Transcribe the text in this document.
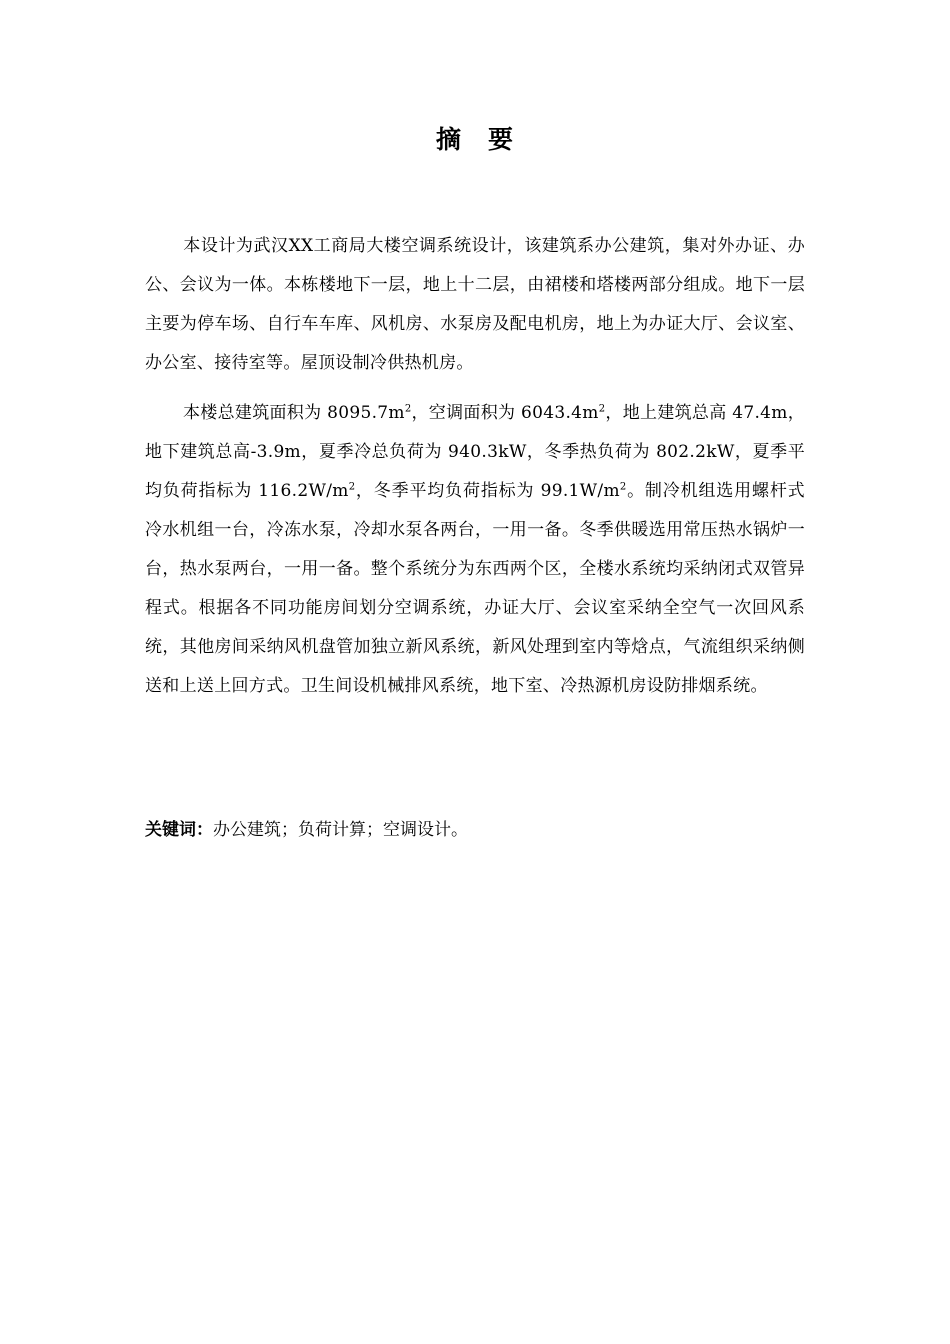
摘 要
本设计为武汉XX工商局大楼空调系统设计，该建筑系办公建筑，集对外办证、办公、会议为一体。本栋楼地下一层，地上十二层，由裙楼和塔楼两部分组成。地下一层主要为停车场、自行车车库、风机房、水泵房及配电机房，地上为办证大厅、会议室、办公室、接待室等。屋顶设制冷供热机房。
本楼总建筑面积为 $8095.7m^2$，空调面积为 $6043.4m^2$，地上建筑总高 47.4m，地下建筑总高-3.9m，夏季冷总负荷为 940.3kW，冬季热负荷为 802.2kW，夏季平均负荷指标为 $116.2W/m^2$，冬季平均负荷指标为 $99.1W/m^2$。制冷机组选用螺杆式冷水机组一台，冷冻水泵，冷却水泵各两台，一用一备。冬季供暖选用常压热水锅炉一台，热水泵两台，一用一备。整个系统分为东西两个区，全楼水系统均采纳闭式双管异程式。根据各不同功能房间划分空调系统，办证大厅、会议室采纳全空气一次回风系统，其他房间采纳风机盘管加独立新风系统，新风处理到室内等焓点，气流组织采纳侧送和上送上回方式。卫生间设机械排风系统，地下室、冷热源机房设防排烟系统。
关键词：办公建筑；负荷计算；空调设计。
